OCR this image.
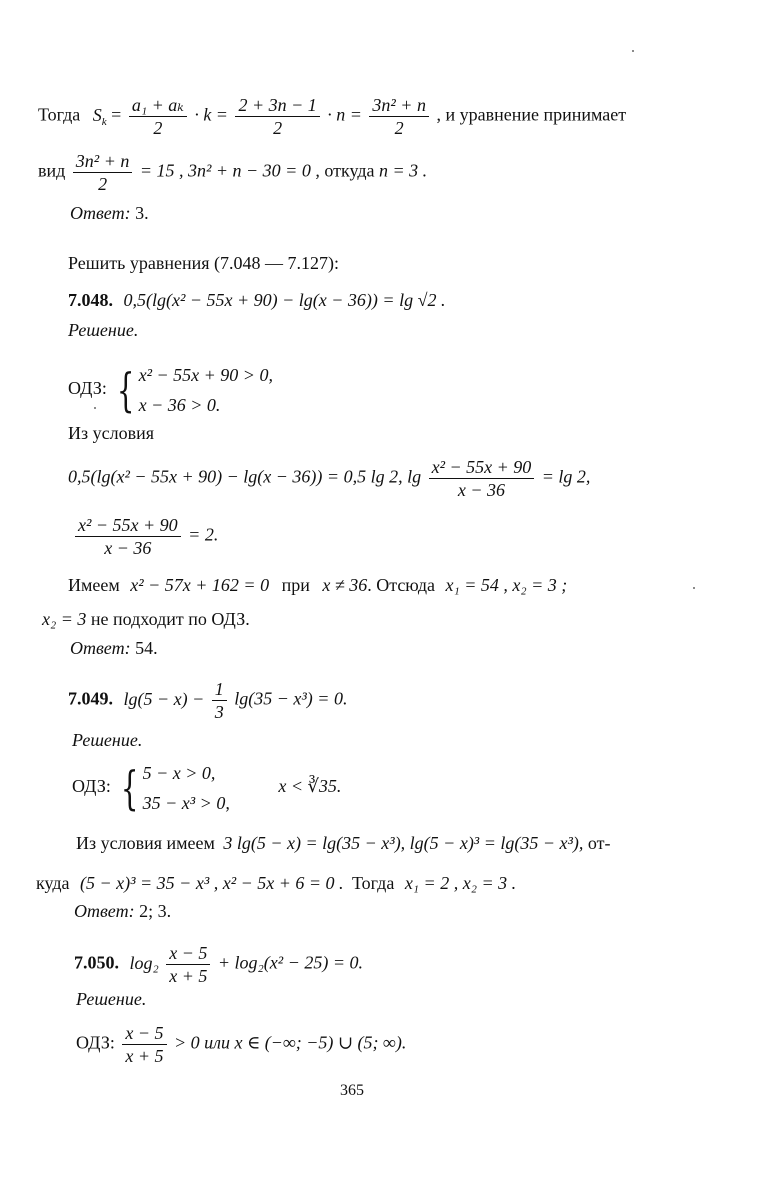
Тогда $S_k = \frac{\text{a₁ + aₖ}}{2} \cdot k = \frac{2 + 3n - 1}{2} \cdot n = \frac{\text{3n² + n}}{2}$ , и уравнение принимает
вид $\frac{\text{3n² + n}}{2} = 15$ , 3n² + n − 30 = 0 , откуда n = 3 .
Ответ: 3.
Решить уравнения (7.048 — 7.127):
7.048. 0,5(lg(x² − 55x + 90) − lg(x − 36)) = lg √2 .
Решение.
ОДЗ: { x² − 55x + 90 > 0,
x − 36 > 0.
Из условия
0,5(lg(x² − 55x + 90) − lg(x − 36)) = 0,5 lg 2, $\lg \frac{\text{x² − 55x + 90}}{x - 36} = \lg 2$,
$\frac{\text{x² − 55x + 90}}{x - 36} = 2$.
Имеем x² − 57x + 162 = 0 при x ≠ 36. Отсюда x₁ = 54 , x₂ = 3 ;
x₂ = 3 не подходит по ОДЗ.
Ответ: 54.
7.049. $\lg(5 - x) - \frac{1}{3} \lg(35 - x^3) = 0$.
Решение.
ОДЗ: { 5 − x > 0,
35 − x³ > 0,
x < ∛35.
Из условия имеем 3 lg(5 − x) = lg(35 − x³), lg(5 − x)³ = lg(35 − x³), от-
куда (5 − x)³ = 35 − x³ , x² − 5x + 6 = 0 . Тогда x₁ = 2 , x₂ = 3 .
Ответ: 2; 3.
7.050. $\log_2 \frac{x - 5}{x + 5} + \log_2(x^2 - 25) = 0$.
Решение.
ОДЗ: $\frac{x - 5}{x + 5} > 0$ или x ∈ (−∞; −5) ∪ (5; ∞).
365
